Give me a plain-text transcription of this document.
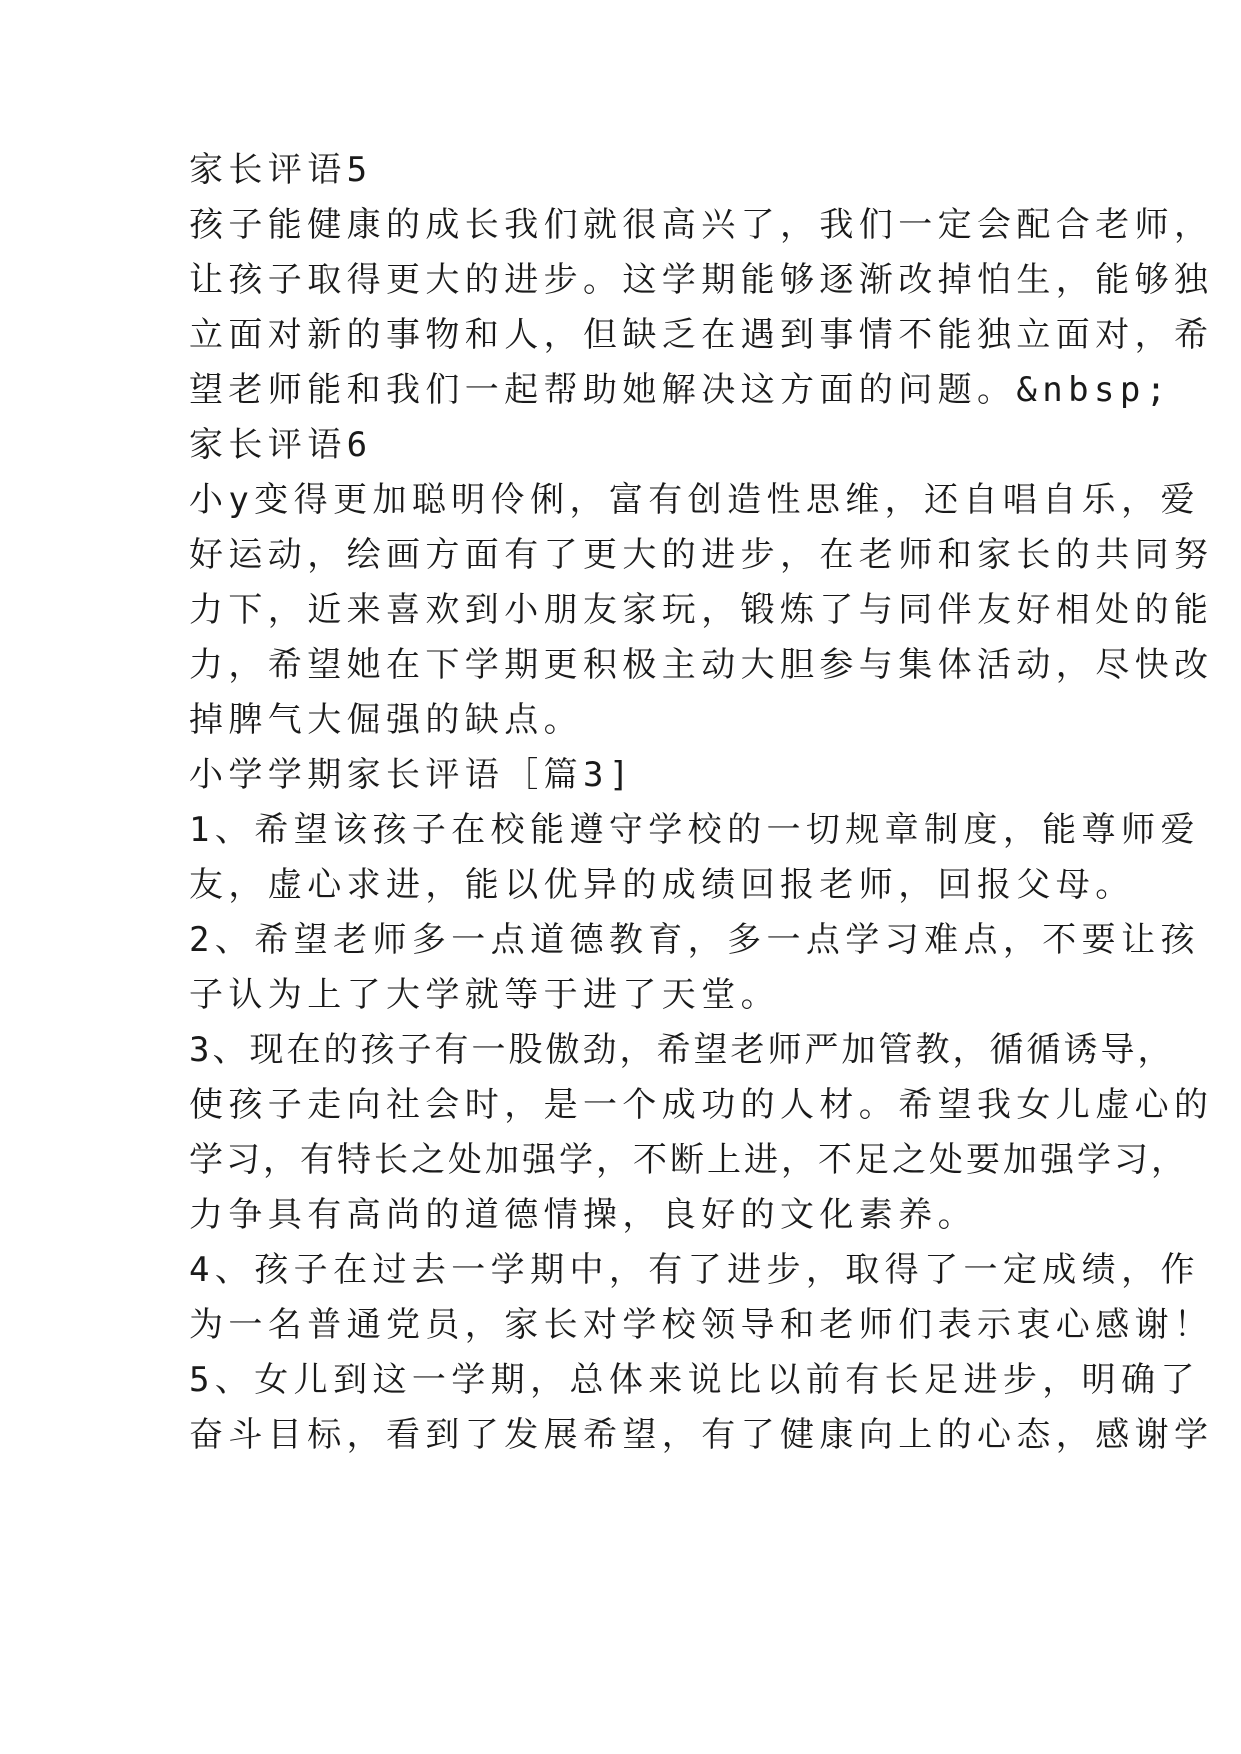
家长评语5
孩子能健康的成长我们就很高兴了，我们一定会配合老师，
让孩子取得更大的进步。这学期能够逐渐改掉怕生，能够独
立面对新的事物和人，但缺乏在遇到事情不能独立面对，希
望老师能和我们一起帮助她解决这方面的问题。&nbsp;
家长评语6
小y变得更加聪明伶俐，富有创造性思维，还自唱自乐，爱
好运动，绘画方面有了更大的进步，在老师和家长的共同努
力下，近来喜欢到小朋友家玩，锻炼了与同伴友好相处的能
力，希望她在下学期更积极主动大胆参与集体活动，尽快改
掉脾气大倔强的缺点。
小学学期家长评语［篇3]
1、希望该孩子在校能遵守学校的一切规章制度，能尊师爱
友，虚心求进，能以优异的成绩回报老师，回报父母。
2、希望老师多一点道德教育，多一点学习难点，不要让孩
子认为上了大学就等于进了天堂。
3、现在的孩子有一股傲劲，希望老师严加管教，循循诱导，
使孩子走向社会时，是一个成功的人材。希望我女儿虚心的
学习，有特长之处加强学，不断上进，不足之处要加强学习，
力争具有高尚的道德情操，良好的文化素养。
4、孩子在过去一学期中，有了进步，取得了一定成绩，作
为一名普通党员，家长对学校领导和老师们表示衷心感谢！
5、女儿到这一学期，总体来说比以前有长足进步，明确了
奋斗目标，看到了发展希望，有了健康向上的心态，感谢学
